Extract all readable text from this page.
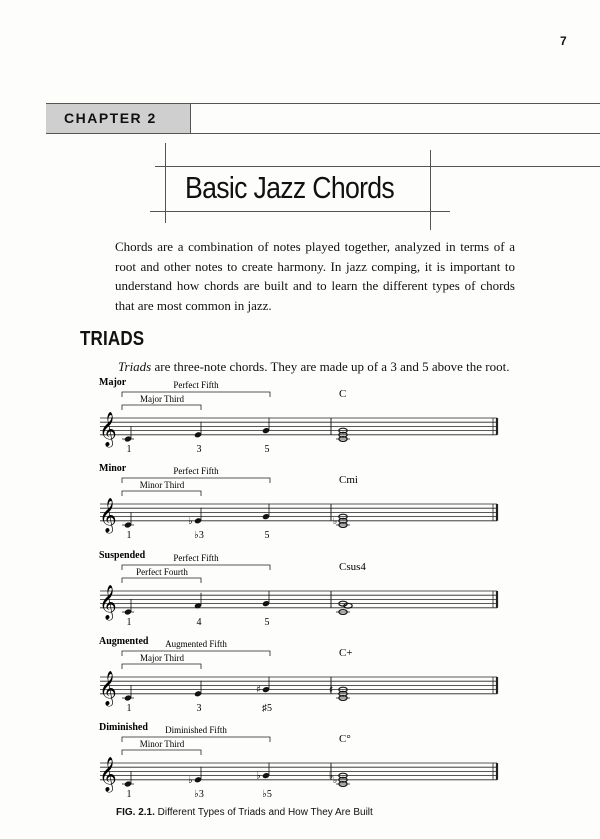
7
CHAPTER 2
Basic Jazz Chords
Chords are a combination of notes played together, analyzed in terms of a root and other notes to create harmony. In jazz comping, it is important to understand how chords are built and to learn the different types of chords that are most common in jazz.
TRIADS
Triads are three-note chords. They are made up of a 3 and 5 above the root.
𝄞
Major	Perfect Fifth
Major Third	C
1	3	5
𝄞
Minor	Perfect Fifth
Minor Third	Cmi
1
♭
♭3	5
♭
𝄞
Suspended	Perfect Fifth
Perfect Fourth	Csus4
1	4	5
𝄞
Augmented Augmented Fifth
Major Third	C+
1	3
♯
♯5
♯
𝄞
Diminished Diminished Fifth
Minor Third	C°
1
♭
♭3
♭
♭5
♭
♭
FIG. 2.1. Different Types of Triads and How They Are Built
